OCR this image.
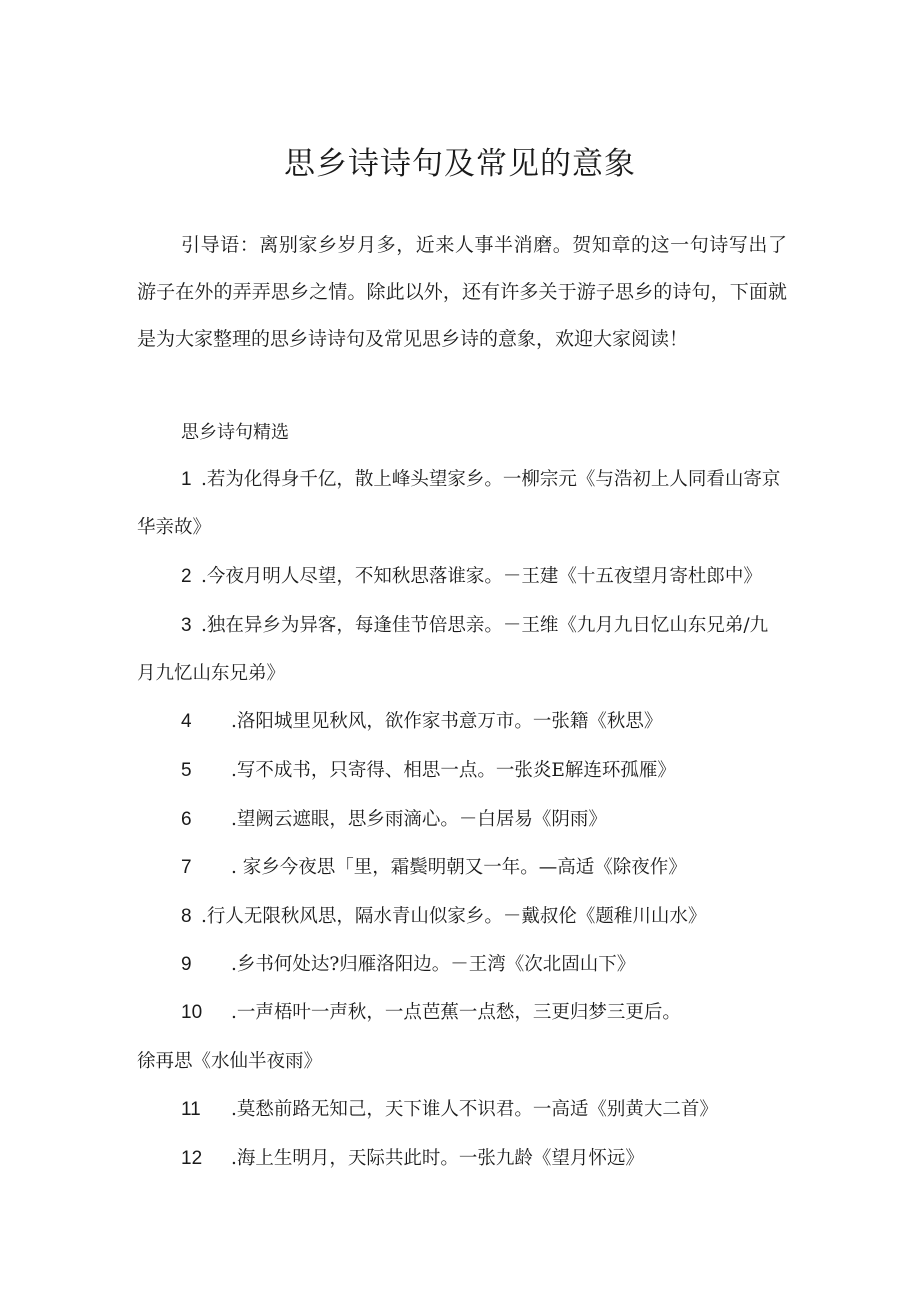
思乡诗诗句及常见的意象

引导语：离别家乡岁月多，近来人事半消磨。贺知章的这一句诗写出了游子在外的弄弄思乡之情。除此以外，还有许多关于游子思乡的诗句，下面就是为大家整理的思乡诗诗句及常见思乡诗的意象，欢迎大家阅读！

思乡诗句精选

1 .若为化得身千亿，散上峰头望家乡。一柳宗元《与浩初上人同看山寄京
华亲故》
2 .今夜月明人尽望，不知秋思落谁家。－王建《十五夜望月寄杜郎中》
3 .独在异乡为异客，每逢佳节倍思亲。－王维《九月九日忆山东兄弟/九
月九忆山东兄弟》
4 .洛阳城里见秋风，欲作家书意万市。一张籍《秋思》
5 .写不成书，只寄得、相思一点。一张炎E解连环孤雁》
6 .望阙云遮眼，思乡雨滴心。－白居易《阴雨》
7 . 家乡今夜思「里，霜鬓明朝又一年。—高适《除夜作》
8 .行人无限秋风思，隔水青山似家乡。－戴叔伦《题稚川山水》
9 .乡书何处达?归雁洛阳边。－王湾《次北固山下》
10 .一声梧叶一声秋，一点芭蕉一点愁，三更归梦三更后。
徐再思《水仙半夜雨》
11 .莫愁前路无知己，天下谁人不识君。一高适《别黄大二首》
12 .海上生明月，天际共此时。一张九龄《望月怀远》
